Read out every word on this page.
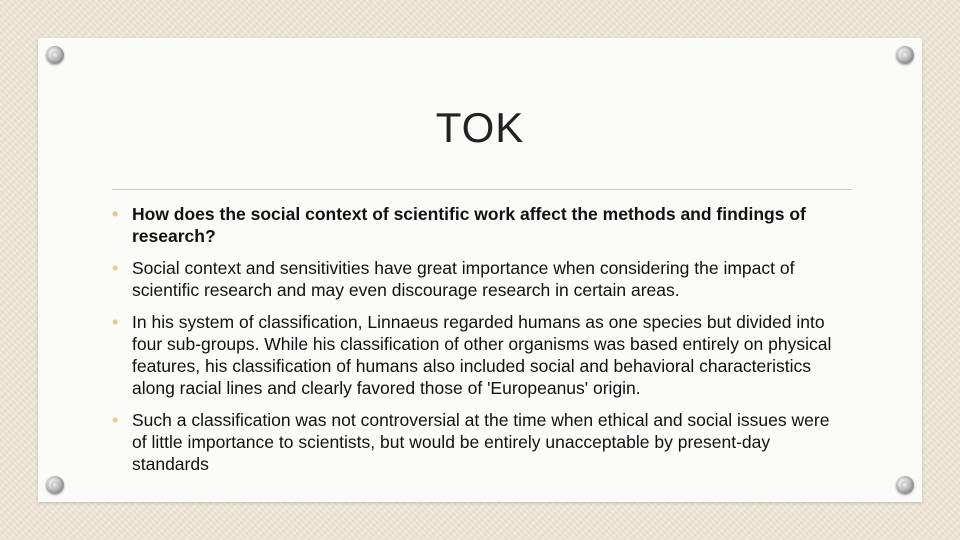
TOK
• How does the social context of scientific work affect the methods and findings of research?
• Social context and sensitivities have great importance when considering the impact of scientific research and may even discourage research in certain areas.
• In his system of classification, Linnaeus regarded humans as one species but divided into four sub-groups. While his classification of other organisms was based entirely on physical features, his classification of humans also included social and behavioral characteristics along racial lines and clearly favored those of 'Europeanus' origin.
• Such a classification was not controversial at the time when ethical and social issues were of little importance to scientists, but would be entirely unacceptable by present-day standards
